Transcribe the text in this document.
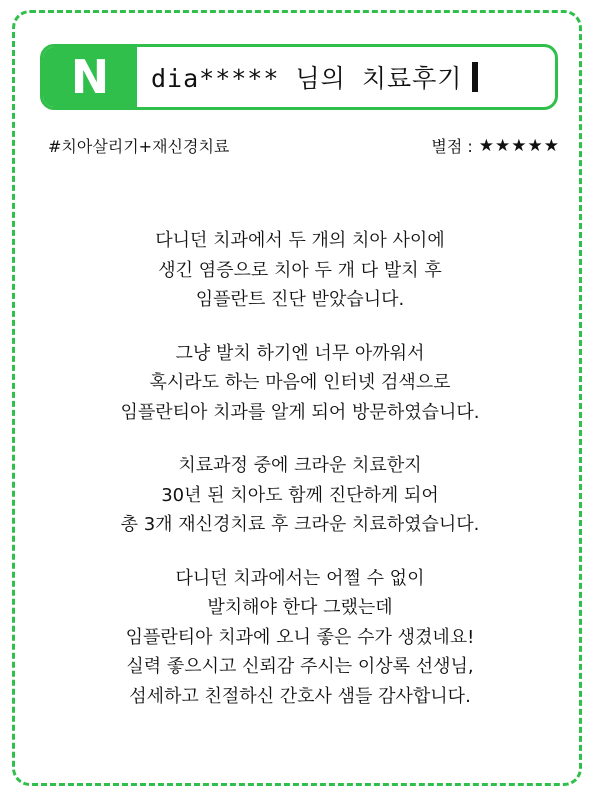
N dia***** 님의 치료후기
#치아살리기+재신경치료	별점 : ★★★★★

다니던 치과에서 두 개의 치아 사이에
생긴 염증으로 치아 두 개 다 발치 후
임플란트 진단 받았습니다.

그냥 발치 하기엔 너무 아까워서
혹시라도 하는 마음에 인터넷 검색으로
임플란티아 치과를 알게 되어 방문하였습니다.

치료과정 중에 크라운 치료한지
30년 된 치아도 함께 진단하게 되어
총 3개 재신경치료 후 크라운 치료하였습니다.

다니던 치과에서는 어쩔 수 없이
발치해야 한다 그랬는데
임플란티아 치과에 오니 좋은 수가 생겼네요!
실력 좋으시고 신뢰감 주시는 이상록 선생님,
섬세하고 친절하신 간호사 샘들 감사합니다.
